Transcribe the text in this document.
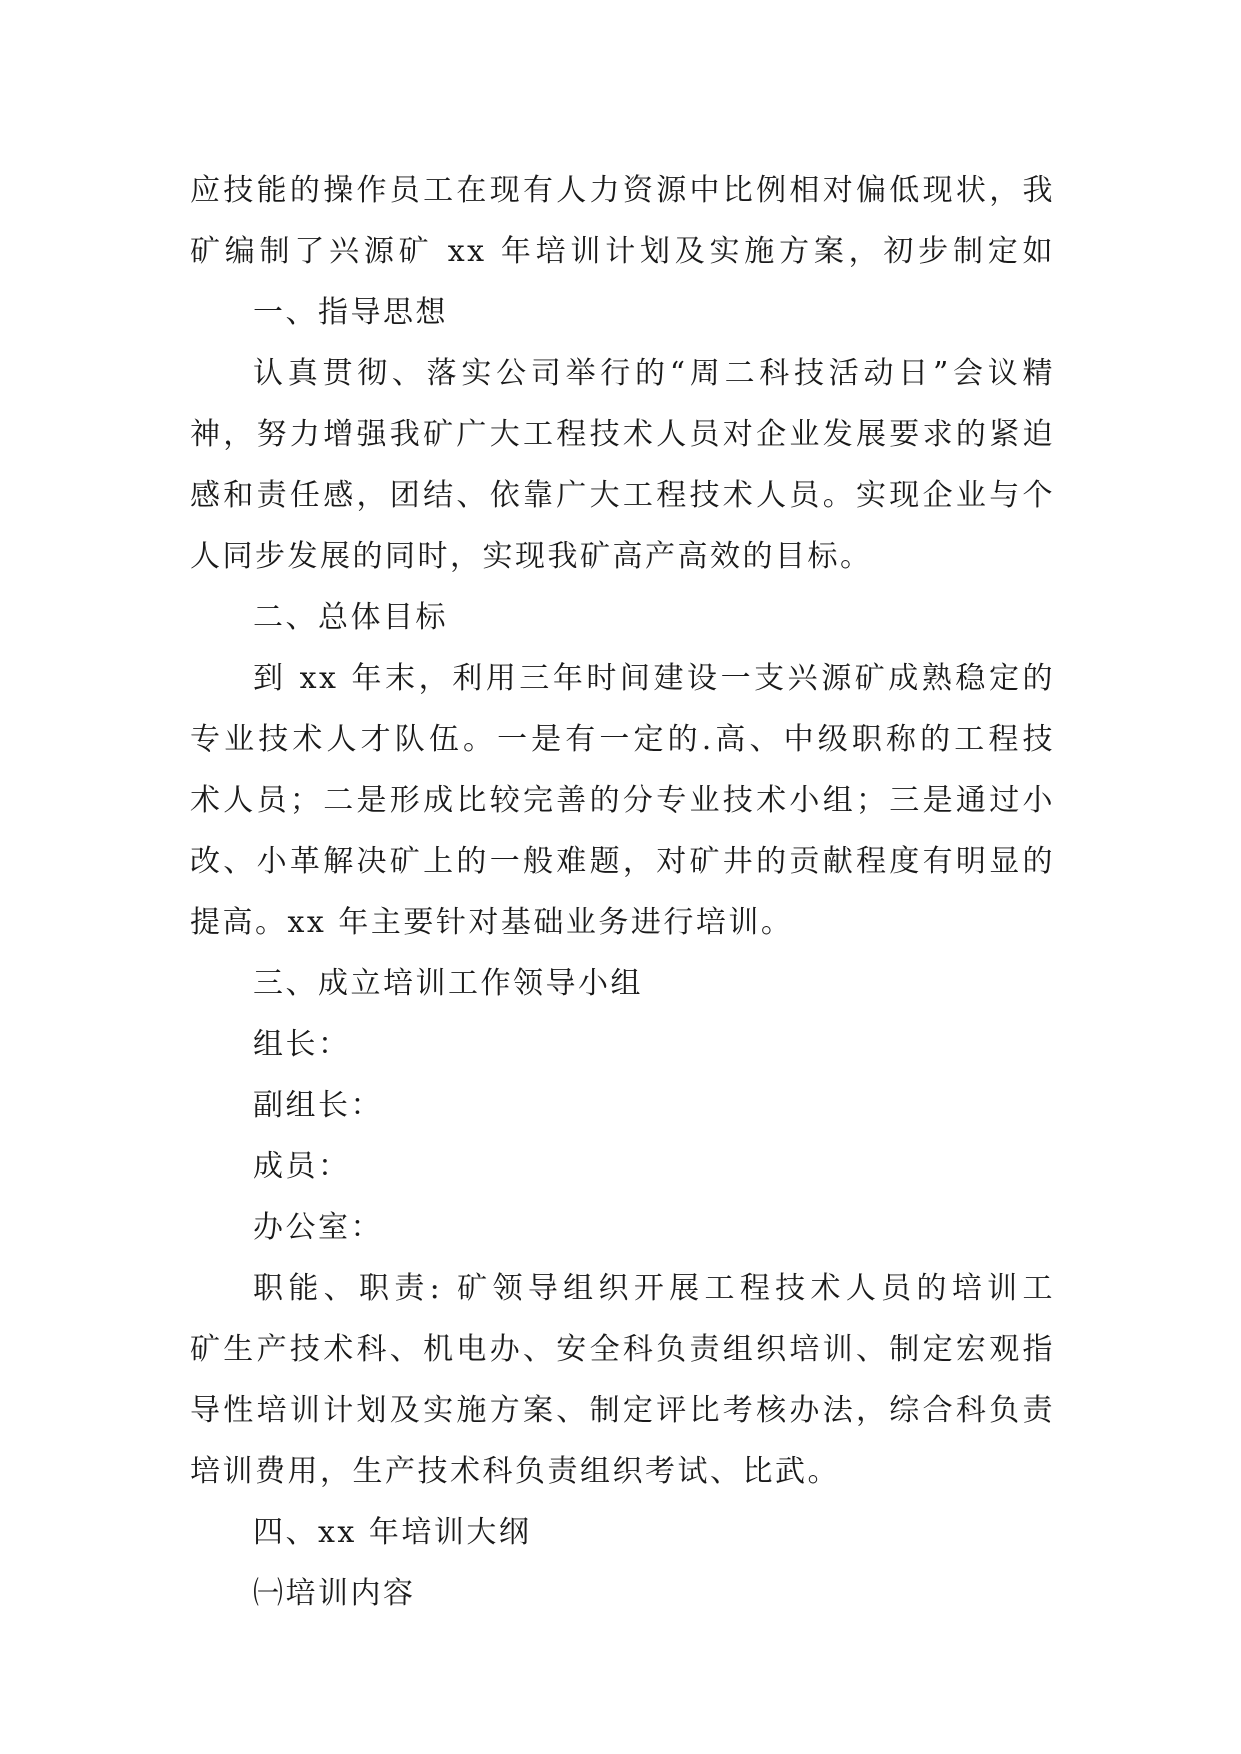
应技能的操作员工在现有人力资源中比例相对偏低现状，我
矿编制了兴源矿 xx 年培训计划及实施方案，初步制定如
一、指导思想
认真贯彻、落实公司举行的“周二科技活动日”会议精
神，努力增强我矿广大工程技术人员对企业发展要求的紧迫
感和责任感，团结、依靠广大工程技术人员。实现企业与个
人同步发展的同时，实现我矿高产高效的目标。
二、总体目标
到 xx 年末，利用三年时间建设一支兴源矿成熟稳定的
专业技术人才队伍。一是有一定的.高、中级职称的工程技
术人员；二是形成比较完善的分专业技术小组；三是通过小
改、小革解决矿上的一般难题，对矿井的贡献程度有明显的
提高。xx 年主要针对基础业务进行培训。
三、成立培训工作领导小组
组长：
副组长：
成员：
办公室：
职能、职责: 矿领导组织开展工程技术人员的培训工
矿生产技术科、机电办、安全科负责组织培训、制定宏观指
导性培训计划及实施方案、制定评比考核办法，综合科负责
培训费用，生产技术科负责组织考试、比武。
四、xx 年培训大纲
㈠培训内容
